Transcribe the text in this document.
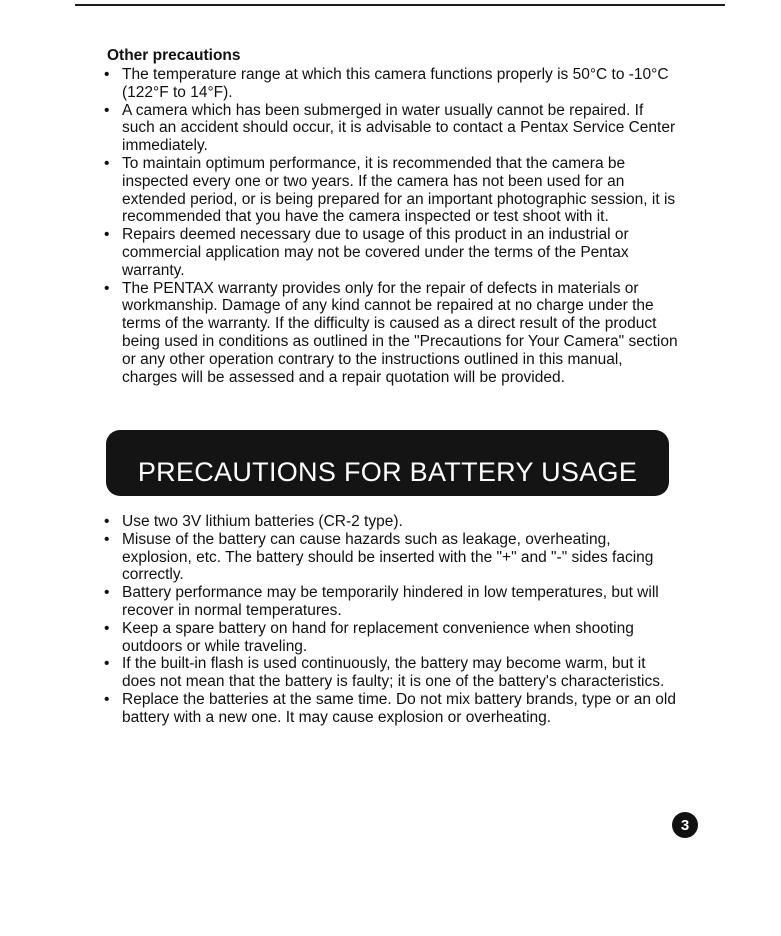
Other precautions
• The temperature range at which this camera functions properly is 50°C to -10°C (122°F to 14°F).
• A camera which has been submerged in water usually cannot be repaired. If such an accident should occur, it is advisable to contact a Pentax Service Center immediately.
• To maintain optimum performance, it is recommended that the camera be inspected every one or two years. If the camera has not been used for an extended period, or is being prepared for an important photographic session, it is recommended that you have the camera inspected or test shoot with it.
• Repairs deemed necessary due to usage of this product in an industrial or commercial application may not be covered under the terms of the Pentax warranty.
• The PENTAX warranty provides only for the repair of defects in materials or workmanship. Damage of any kind cannot be repaired at no charge under the terms of the warranty. If the difficulty is caused as a direct result of the product being used in conditions as outlined in the "Precautions for Your Camera" section or any other operation contrary to the instructions outlined in this manual, charges will be assessed and a repair quotation will be provided.
PRECAUTIONS FOR BATTERY USAGE
• Use two 3V lithium batteries (CR-2 type).
• Misuse of the battery can cause hazards such as leakage, overheating, explosion, etc. The battery should be inserted with the "+" and "-" sides facing correctly.
• Battery performance may be temporarily hindered in low temperatures, but will recover in normal temperatures.
• Keep a spare battery on hand for replacement convenience when shooting outdoors or while traveling.
• If the built-in flash is used continuously, the battery may become warm, but it does not mean that the battery is faulty; it is one of the battery's characteristics.
• Replace the batteries at the same time. Do not mix battery brands, type or an old battery with a new one. It may cause explosion or overheating.
3
